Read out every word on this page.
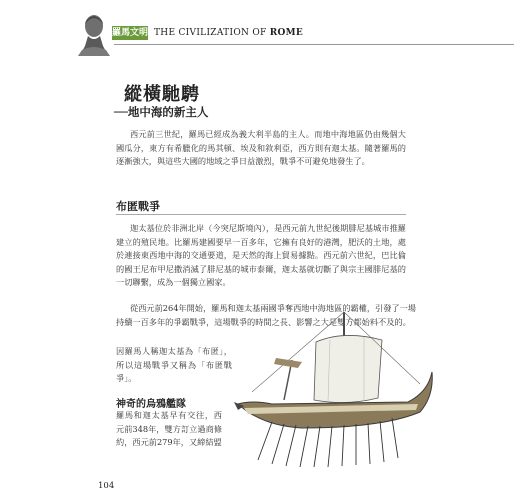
羅馬文明 THE CIVILIZATION OF ROME
縱橫馳騁
──地中海的新主人
西元前三世紀，羅馬已經成為義大利半島的主人。而地中海地區仍由幾個大國瓜分，東方有希臘化的馬其頓、埃及和敘利亞，西方則有迦太基。隨著羅馬的逐漸強大，與這些大國的地域之爭日益激烈，戰爭不可避免地發生了。
布匿戰爭
迦太基位於非洲北岸（今突尼斯境內），是西元前九世紀後期腓尼基城市推羅建立的殖民地。比羅馬建國要早一百多年，它擁有良好的港灣，肥沃的土地，處於連接東西地中海的交通要道，是天然的海上貿易據點。西元前六世紀，巴比倫的國王尼布甲尼撒消滅了腓尼基的城市泰爾，迦太基就切斷了與宗主國腓尼基的一切聯繫，成為一個獨立國家。
從西元前264年開始，羅馬和迦太基兩國爭奪西地中海地區的霸權，引發了一場持續一百多年的爭霸戰爭，這場戰爭的時間之長、影響之大是雙方都始料不及的。
因羅馬人稱迦太基為「布匿」，所以這場戰爭又稱為「布匿戰爭」。
神奇的烏鴉艦隊
羅馬和迦太基早有交往，西元前348年，雙方訂立過商條約，西元前279年，又締結盟
104
